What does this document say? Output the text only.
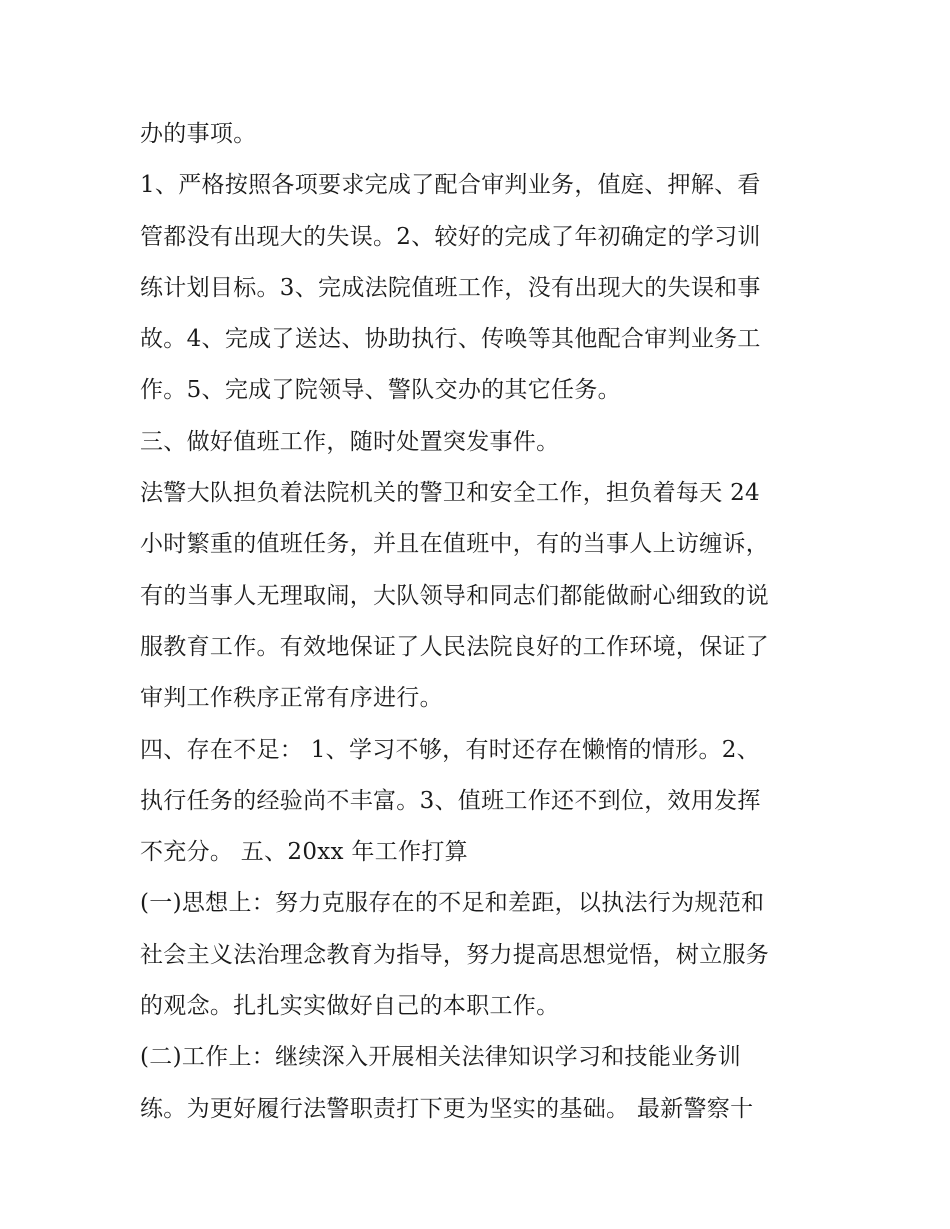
办的事项。
1、严格按照各项要求完成了配合审判业务，值庭、押解、看
管都没有出现大的失误。2、较好的完成了年初确定的学习训
练计划目标。3、完成法院值班工作，没有出现大的失误和事
故。4、完成了送达、协助执行、传唤等其他配合审判业务工
作。5、完成了院领导、警队交办的其它任务。
三、做好值班工作，随时处置突发事件。
法警大队担负着法院机关的警卫和安全工作，担负着每天 24
小时繁重的值班任务，并且在值班中，有的当事人上访缠诉，
有的当事人无理取闹，大队领导和同志们都能做耐心细致的说
服教育工作。有效地保证了人民法院良好的工作环境，保证了
审判工作秩序正常有序进行。
四、存在不足： 1、学习不够，有时还存在懒惰的情形。2、
执行任务的经验尚不丰富。3、值班工作还不到位，效用发挥
不充分。 五、20xx 年工作打算
(一)思想上：努力克服存在的不足和差距，以执法行为规范和
社会主义法治理念教育为指导，努力提高思想觉悟，树立服务
的观念。扎扎实实做好自己的本职工作。
(二)工作上：继续深入开展相关法律知识学习和技能业务训
练。为更好履行法警职责打下更为坚实的基础。 最新警察十
